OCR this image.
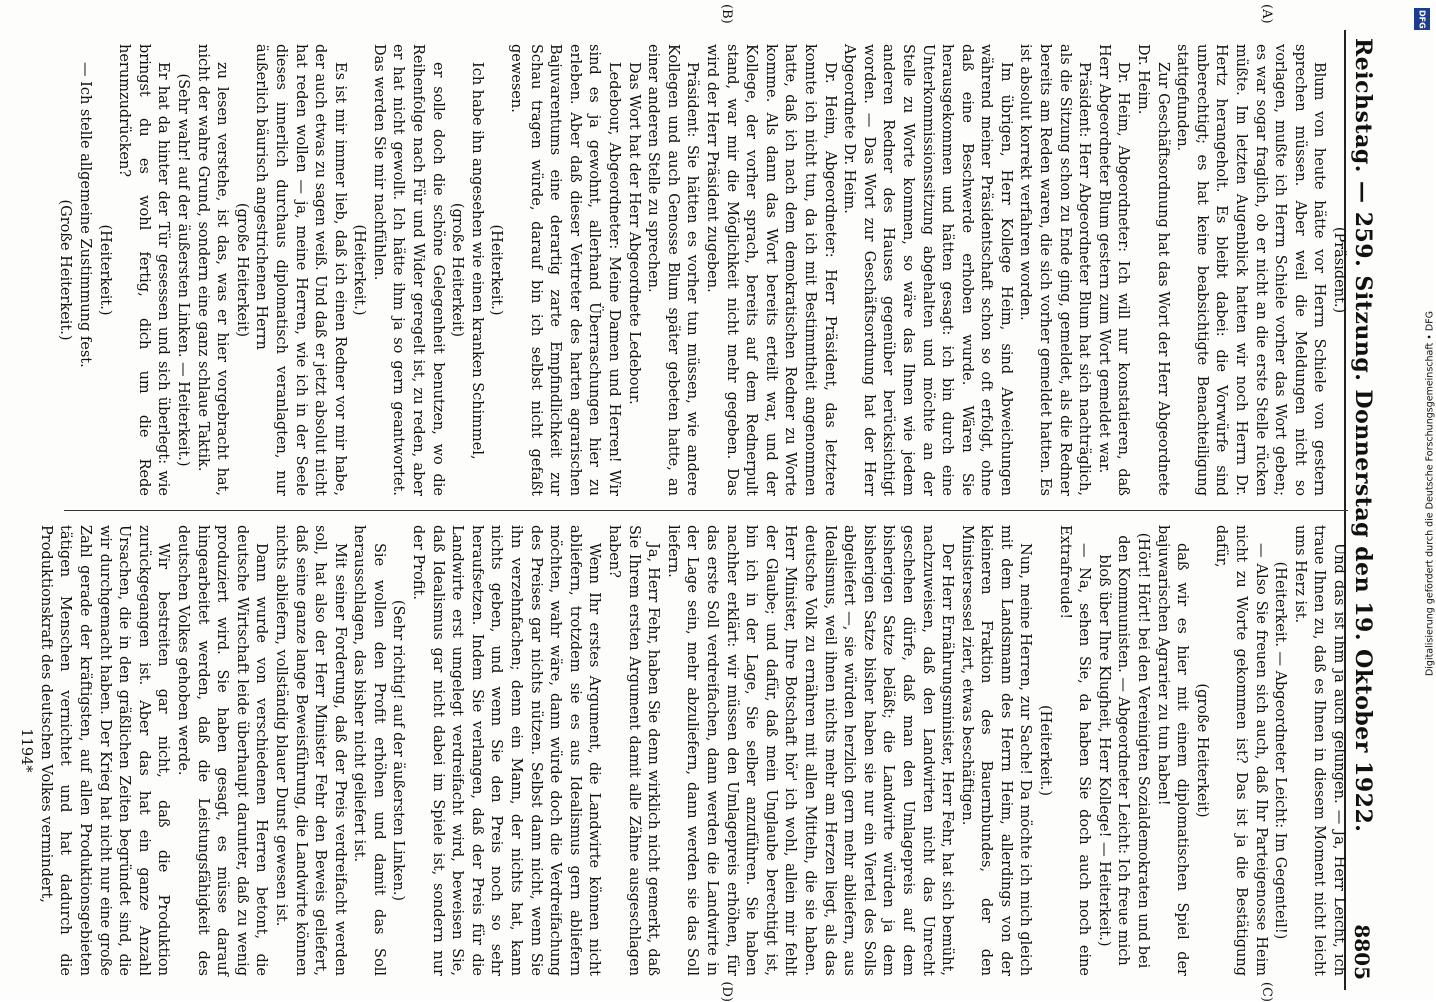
Reichstag. — 259. Sitzung. Donnerstag den 19. Oktober 1922.
8805
(A)
(B)
(C)
(D)

(Präsident.)

Blum von heute hätte vor Herrn Schiele von gestern sprechen müssen. Aber weil die Meldungen nicht so vorlagen, mußte ich Herrn Schiele vorher das Wort geben; es war sogar fraglich, ob er nicht an die erste Stelle rücken müßte. Im letzten Augenblick hatten wir noch Herrn Dr. Hertz herangeholt. Es bleibt dabei: die Vorwürfe sind unberechtigt; es hat keine beabsichtigte Benachteiligung stattgefunden.

Zur Geschäftsordnung hat das Wort der Herr Abgeordnete Dr. Heim.

Dr. Heim, Abgeordneter: Ich will nur konstatieren, daß Herr Abgeordneter Blum gestern zum Wort gemeldet war.

Präsident: Herr Abgeordneter Blum hat sich nachträglich, als die Sitzung schon zu Ende ging, gemeldet, als die Redner bereits am Reden waren, die sich vorher gemeldet hatten. Es ist absolut korrekt verfahren worden.

Im übrigen, Herr Kollege Heim, sind Abweichungen während meiner Präsidentschaft schon so oft erfolgt, ohne daß eine Beschwerde erhoben wurde. Wären Sie herausgekommen und hätten gesagt: ich bin durch eine Unterkommissionssitzung abgehalten und möchte an der Stelle zu Worte kommen, so wäre das Ihnen wie jedem anderen Redner des Hauses gegenüber berücksichtigt worden. — Das Wort zur Geschäftsordnung hat der Herr Abgeordnete Dr. Heim.

Dr. Heim, Abgeordneter: Herr Präsident, das letztere konnte ich nicht tun, da ich mit Bestimmtheit angenommen hatte, daß ich nach dem demokratischen Redner zu Worte komme. Als dann das Wort bereits erteilt war, und der Kollege, der vorher sprach, bereits auf dem Rednerpult stand, war mir die Möglichkeit nicht mehr gegeben. Das wird der Herr Präsident zugeben.

Präsident: Sie hätten es vorher tun müssen, wie andere Kollegen und auch Genosse Blum später gebeten hatte, an einer anderen Stelle zu sprechen.

Das Wort hat der Herr Abgeordnete Ledebour.

Ledebour, Abgeordneter: Meine Damen und Herren! Wir sind es ja gewohnt, allerhand Überraschungen hier zu erleben. Aber daß dieser Vertreter des harten agrarischen Bajuvarentums eine derartig zarte Empfindlichkeit zur Schau tragen würde, darauf bin ich selbst nicht gefaßt gewesen.

(Heiterkeit.)

Ich habe ihn angesehen wie einen kranken Schimmel,

(große Heiterkeit)

er solle doch die schöne Gelegenheit benutzen, wo die Reihenfolge nach Für und Wider geregelt ist, zu reden, aber er hat nicht gewollt. Ich hätte ihm ja so gern geantwortet. Das werden Sie mir nachfühlen.

(Heiterkeit.)

Es ist mir immer lieb, daß ich einen Redner vor mir habe, der auch etwas zu sagen weiß. Und daß er jetzt absolut nicht hat reden wollen — ja, meine Herren, wie ich in der Seele dieses innerlich durchaus diplomatisch veranlagten, nur äußerlich bäurisch angestrichenen Herrn

(große Heiterkeit)

zu lesen verstehe, ist das, was er hier vorgebracht hat, nicht der wahre Grund, sondern eine ganz schlaue Taktik.

(Sehr wahr! auf der äußersten Linken. — Heiterkeit.)

Er hat da hinter der Tür gesessen und sich überlegt: wie bringst du es wohl fertig, dich um die Rede herumzudrücken?

(Heiterkeit.)

— Ich stelle allgemeine Zustimmung fest.

(Große Heiterkeit.)

Und das ist ihm ja auch gelungen. — Ja, Herr Leicht, ich traue Ihnen zu, daß es Ihnen in diesem Moment nicht leicht ums Herz ist.

(Heiterkeit. — Abgeordneter Leicht: Im Gegenteil!)

— Also Sie freuen sich auch, daß Ihr Parteigenosse Heim nicht zu Worte gekommen ist? Das ist ja die Bestätigung dafür,

(große Heiterkeit)

daß wir es hier mit einem diplomatischen Spiel der bajuwarischen Agrarier zu tun haben!

(Hört! Hört! bei den Vereinigten Sozialdemokraten und bei den Kommunisten. — Abgeordneter Leicht: Ich freue mich bloß über Ihre Klugheit, Herr Kollege! — Heiterkeit.)

— Na, sehen Sie, da haben Sie doch auch noch eine Extrafreude!

(Heiterkeit.)

Nun, meine Herren, zur Sache! Da möchte ich mich gleich mit dem Landsmann des Herrn Heim, allerdings von der kleineren Fraktion des Bauernbundes, der den Ministersessel ziert, etwas beschäftigen.

Der Herr Ernährungsminister, Herr Fehr, hat sich bemüht, nachzuweisen, daß den Landwirten nicht das Unrecht geschehen dürfe, daß man den Umlagepreis auf dem bisherigen Satze beläßt; die Landwirte würden ja dem bisherigen Satze bisher haben sie nur ein Viertel des Solls abgeliefert —, sie würden herzlich gern mehr abliefern, aus Idealismus, weil ihnen nichts mehr am Herzen liegt, als das deutsche Volk zu ernähren mit allen Mitteln, die sie haben. Herr Minister, Ihre Botschaft hör' ich wohl, allein mir fehlt der Glaube; und dafür, daß mein Unglaube berechtigt ist, bin ich in der Lage, Sie selber anzuführen. Sie haben nachher erklärt: wir müssen den Umlagepreis erhöhen, für das erste Soll verdreifachen, dann werden die Landwirte in der Lage sein, mehr abzuliefern, dann werden sie das Soll liefern.

Ja, Herr Fehr, haben Sie denn wirklich nicht gemerkt, daß Sie Ihrem ersten Argument damit alle Zähne ausgeschlagen haben?

Wenn Ihr erstes Argument, die Landwirte können nicht abliefern, trotzdem sie es aus Idealismus gern abliefern möchten, wahr wäre, dann würde doch die Verdreifachung des Preises gar nichts nützen. Selbst dann nicht, wenn Sie ihn verzehnfachen; denn ein Mann, der nichts hat, kann nichts geben, und wenn Sie den Preis noch so sehr heraufsetzen. Indem Sie verlangen, daß der Preis für die Landwirte erst umgelegt verdreifacht wird, beweisen Sie, daß Idealismus gar nicht dabei im Spiele ist, sondern nur der Profit.

(Sehr richtig! auf der äußersten Linken.)

Sie wollen den Profit erhöhen und damit das Soll herausschlagen, das bisher nicht geliefert ist.

Mit seiner Forderung, daß der Preis verdreifacht werden soll, hat also der Herr Minister Fehr den Beweis geliefert, daß seine ganze lange Beweisführung, die Landwirte können nichts abliefern, vollständig blauer Dunst gewesen ist.

Dann wurde von verschiedenen Herren betont, die deutsche Wirtschaft leide überhaupt darunter, daß zu wenig produziert wird. Sie haben gesagt, es müsse darauf hingearbeitet werden, daß die Leistungsfähigkeit des deutschen Volkes gehoben werde.

Wir bestreiten gar nicht, daß die Produktion zurückgegangen ist. Aber das hat ein ganze Anzahl Ursachen, die in den gräßlichen Zeiten begründet sind, die wir durchgemacht haben. Der Krieg hat nicht nur eine große Zahl gerade der kräftigsten, auf allen Produktionsgebieten tätigen Menschen vernichtet und hat dadurch die Produktionskraft des deutschen Volkes vermindert,

1194*

Digitalisierung gefördert durch die Deutsche Forschungsgemeinschaft • DFG
DFG
